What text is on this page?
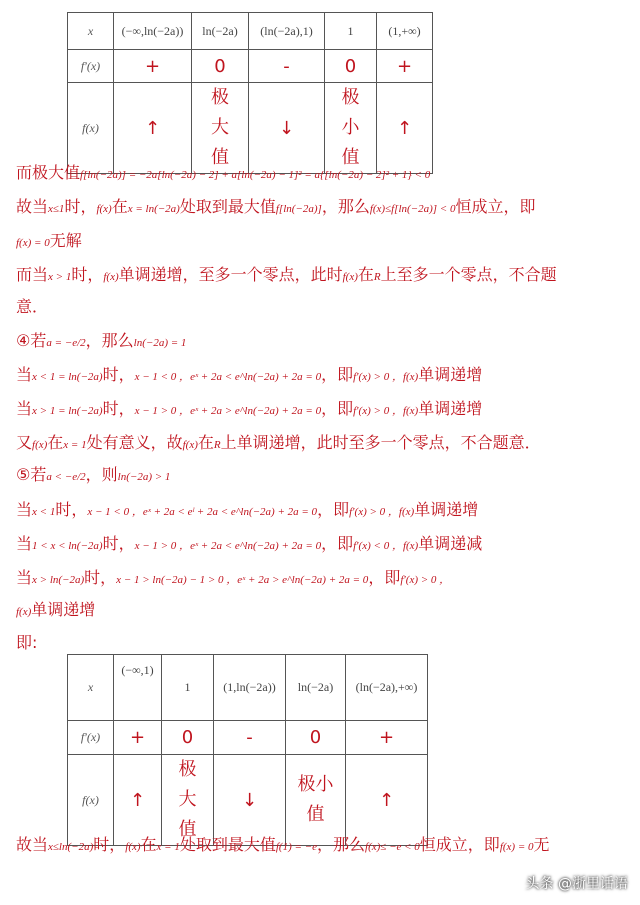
x	(−∞,ln(−2a))	ln(−2a)	(ln(−2a),1)	1	(1,+∞)
f′(x)	+	0	-	0	+
f(x)	↑	极大值	↓	极小值	↑
而极大值f[ln(−2a)] = −2a[ln(−2a) − 2] + a[ln(−2a) − 1]² = a{[ln(−2a) − 2]² + 1} < 0
故当x≤1时，f(x)在x = ln(−2a)处取到最大值f[ln(−2a)]，那么f(x)≤f[ln(−2a)] < 0恒成立，即
f(x) = 0无解
而当x > 1时，f(x)单调递增，至多一个零点，此时f(x)在R上至多一个零点，不合题
意．
④若a = −e/2，那么ln(−2a) = 1
当x < 1 = ln(−2a)时，x − 1 < 0 ，eˣ + 2a < e^ln(−2a) + 2a = 0，即f′(x) > 0 ，f(x)单调递增
当x > 1 = ln(−2a)时，x − 1 > 0 ，eˣ + 2a > e^ln(−2a) + 2a = 0，即f′(x) > 0 ，f(x)单调递增
又f(x)在x = 1处有意义，故f(x)在R上单调递增，此时至多一个零点，不合题意．
⑤若a < −e/2，则ln(−2a) > 1
当x < 1时，x − 1 < 0 ，eˣ + 2a < eˡ + 2a < e^ln(−2a) + 2a = 0，即f′(x) > 0 ，f(x)单调递增
当1 < x < ln(−2a)时，x − 1 > 0 ，eˣ + 2a < e^ln(−2a) + 2a = 0，即f′(x) < 0 ，f(x)单调递减
当x > ln(−2a)时，x − 1 > ln(−2a) − 1 > 0 ，eˣ + 2a > e^ln(−2a) + 2a = 0，即f′(x) > 0 ，
f(x)单调递增
即:
x	(−∞,1)	1	(1,ln(−2a))	ln(−2a)	(ln(−2a),+∞)
f′(x)	+	0	-	0	+
f(x)	↑	极大值	↓	极小值	↑
故当x≤ln(−2a)时，f(x)在x = 1处取到最大值f(1) = −e，那么f(x)≤ −e < 0恒成立，即f(x) = 0无
头条 @浙里话语
